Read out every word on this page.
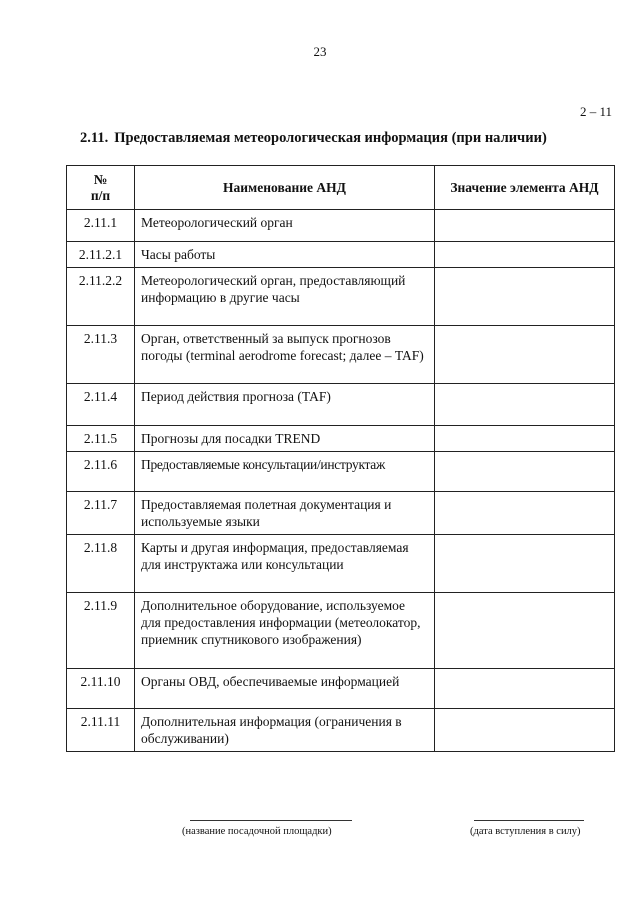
23
2 – 11
2.11. Предоставляемая метеорологическая информация (при наличии)
№
п/п	Наименование АНД	Значение элемента АНД
2.11.1	Метеорологический орган	
2.11.2.1	Часы работы	
2.11.2.2	Метеорологический орган, предоставляющий информацию в другие часы	
2.11.3	Орган, ответственный за выпуск прогнозов погоды (terminal aerodrome forecast; далее – TAF)	
2.11.4	Период действия прогноза (TAF)	
2.11.5	Прогнозы для посадки TREND	
2.11.6	Предоставляемые консультации/инструктаж	
2.11.7	Предоставляемая полетная документация и используемые языки	
2.11.8	Карты и другая информация, предоставляемая для инструктажа или консультации	
2.11.9	Дополнительное оборудование, используемое для предоставления информации (метеолокатор, приемник спутникового изображения)	
2.11.10	Органы ОВД, обеспечиваемые информацией	
2.11.11	Дополнительная информация (ограничения в обслуживании)	
(название посадочной площадки)	(дата вступления в силу)
